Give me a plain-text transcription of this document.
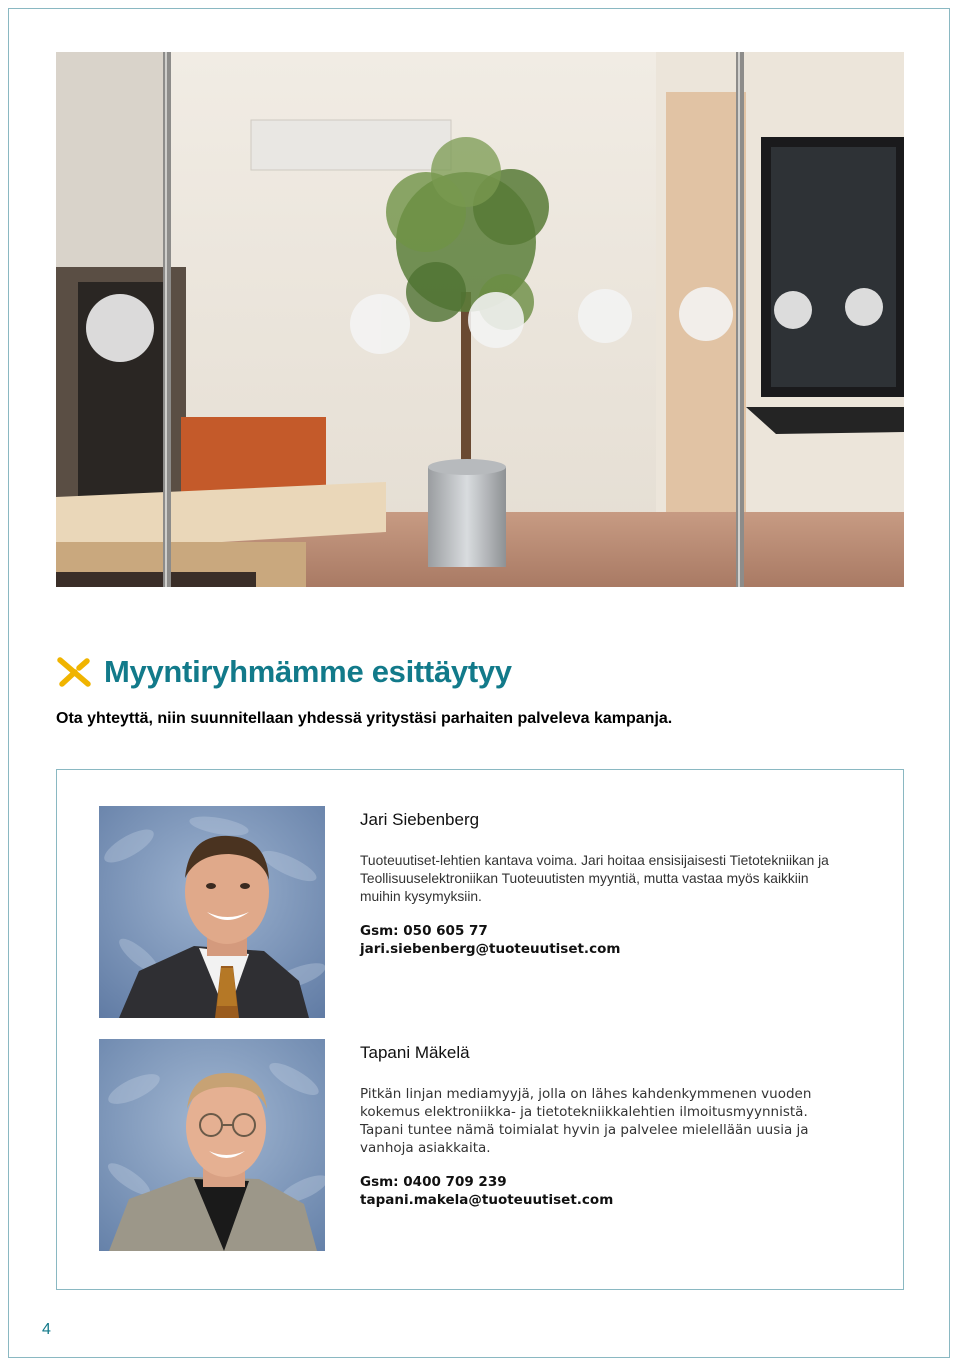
Myyntiryhmämme esittäytyy
Ota yhteyttä, niin suunnitellaan yhdessä yritystäsi parhaiten palveleva kampanja.

Jari Siebenberg

Tuoteuutiset-lehtien kantava voima. Jari hoitaa ensisijaisesti Tietotekniikan ja Teollisuuselektroniikan Tuoteuutisten myyntiä, mutta vastaa myös kaikkiin muihin kysymyksiin.

Gsm: 050 605 77
jari.siebenberg@tuoteuutiset.com

Tapani Mäkelä

Pitkän linjan mediamyyjä, jolla on lähes kahdenkymmenen vuoden kokemus elektroniikka- ja tietotekniikkalehtien ilmoitusmyynnistä. Tapani tuntee nämä toimialat hyvin ja palvelee mielellään uusia ja vanhoja asiakkaita.

Gsm: 0400 709 239
tapani.makela@tuoteuutiset.com
4
